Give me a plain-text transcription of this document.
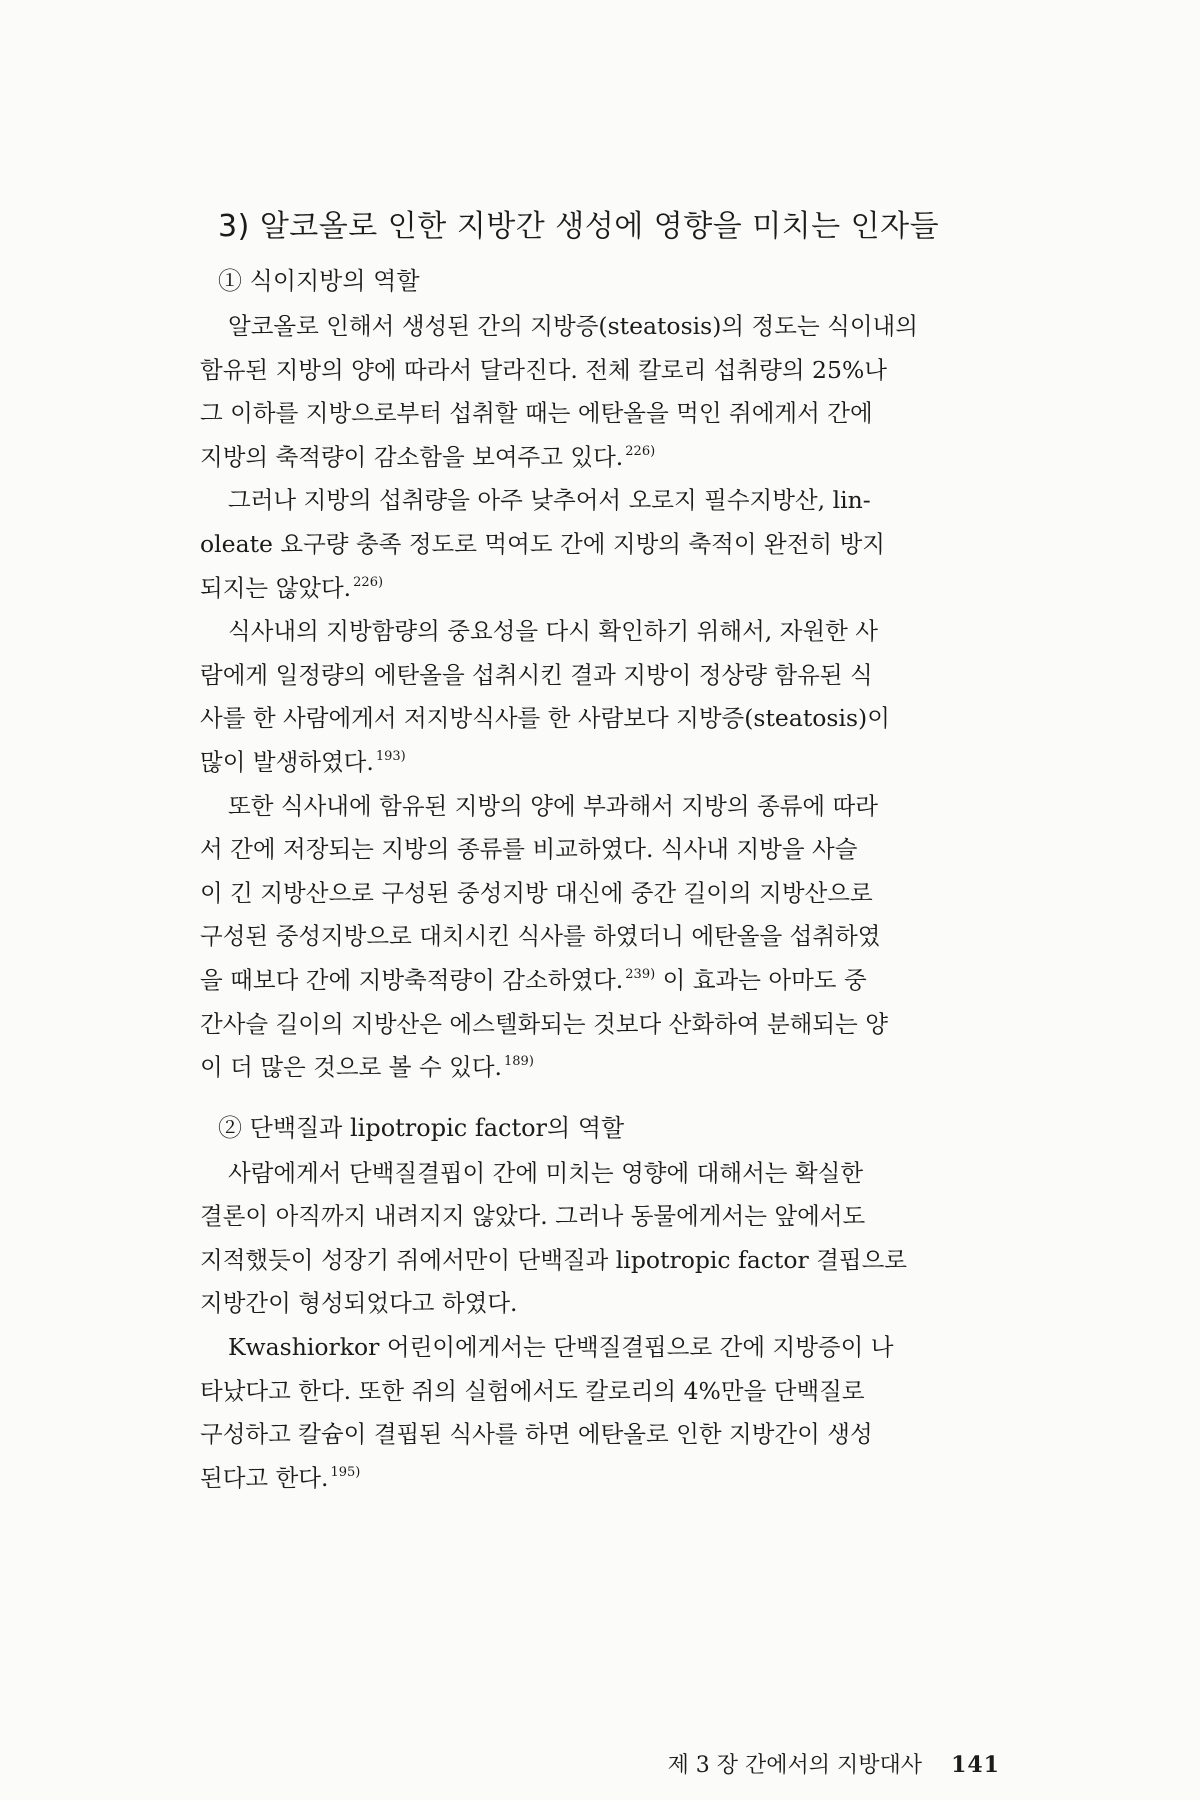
3) 알코올로 인한 지방간 생성에 영향을 미치는 인자들
① 식이지방의 역할

알코올로 인해서 생성된 간의 지방증(steatosis)의 정도는 식이내의
함유된 지방의 양에 따라서 달라진다. 전체 칼로리 섭취량의 25%나
그 이하를 지방으로부터 섭취할 때는 에탄올을 먹인 쥐에게서 간에
지방의 축적량이 감소함을 보여주고 있다. $^{226)}$

그러나 지방의 섭취량을 아주 낮추어서 오로지 필수지방산, lin-
oleate 요구량 충족 정도로 먹여도 간에 지방의 축적이 완전히 방지
되지는 않았다. $^{226)}$

식사내의 지방함량의 중요성을 다시 확인하기 위해서, 자원한 사
람에게 일정량의 에탄올을 섭취시킨 결과 지방이 정상량 함유된 식
사를 한 사람에게서 저지방식사를 한 사람보다 지방증(steatosis)이
많이 발생하였다. $^{193)}$

또한 식사내에 함유된 지방의 양에 부과해서 지방의 종류에 따라
서 간에 저장되는 지방의 종류를 비교하였다. 식사내 지방을 사슬
이 긴 지방산으로 구성된 중성지방 대신에 중간 길이의 지방산으로
구성된 중성지방으로 대치시킨 식사를 하였더니 에탄올을 섭취하였
을 때보다 간에 지방축적량이 감소하였다. $^{239)}$ 이 효과는 아마도 중
간사슬 길이의 지방산은 에스텔화되는 것보다 산화하여 분해되는 양
이 더 많은 것으로 볼 수 있다. $^{189)}$

② 단백질과 lipotropic factor의 역할

사람에게서 단백질결핍이 간에 미치는 영향에 대해서는 확실한
결론이 아직까지 내려지지 않았다. 그러나 동물에게서는 앞에서도
지적했듯이 성장기 쥐에서만이 단백질과 lipotropic factor 결핍으로
지방간이 형성되었다고 하였다.

Kwashiorkor 어린이에게서는 단백질결핍으로 간에 지방증이 나
타났다고 한다. 또한 쥐의 실험에서도 칼로리의 4%만을 단백질로
구성하고 칼슘이 결핍된 식사를 하면 에탄올로 인한 지방간이 생성
된다고 한다. $^{195)}$

제 3 장 간에서의 지방대사 141
